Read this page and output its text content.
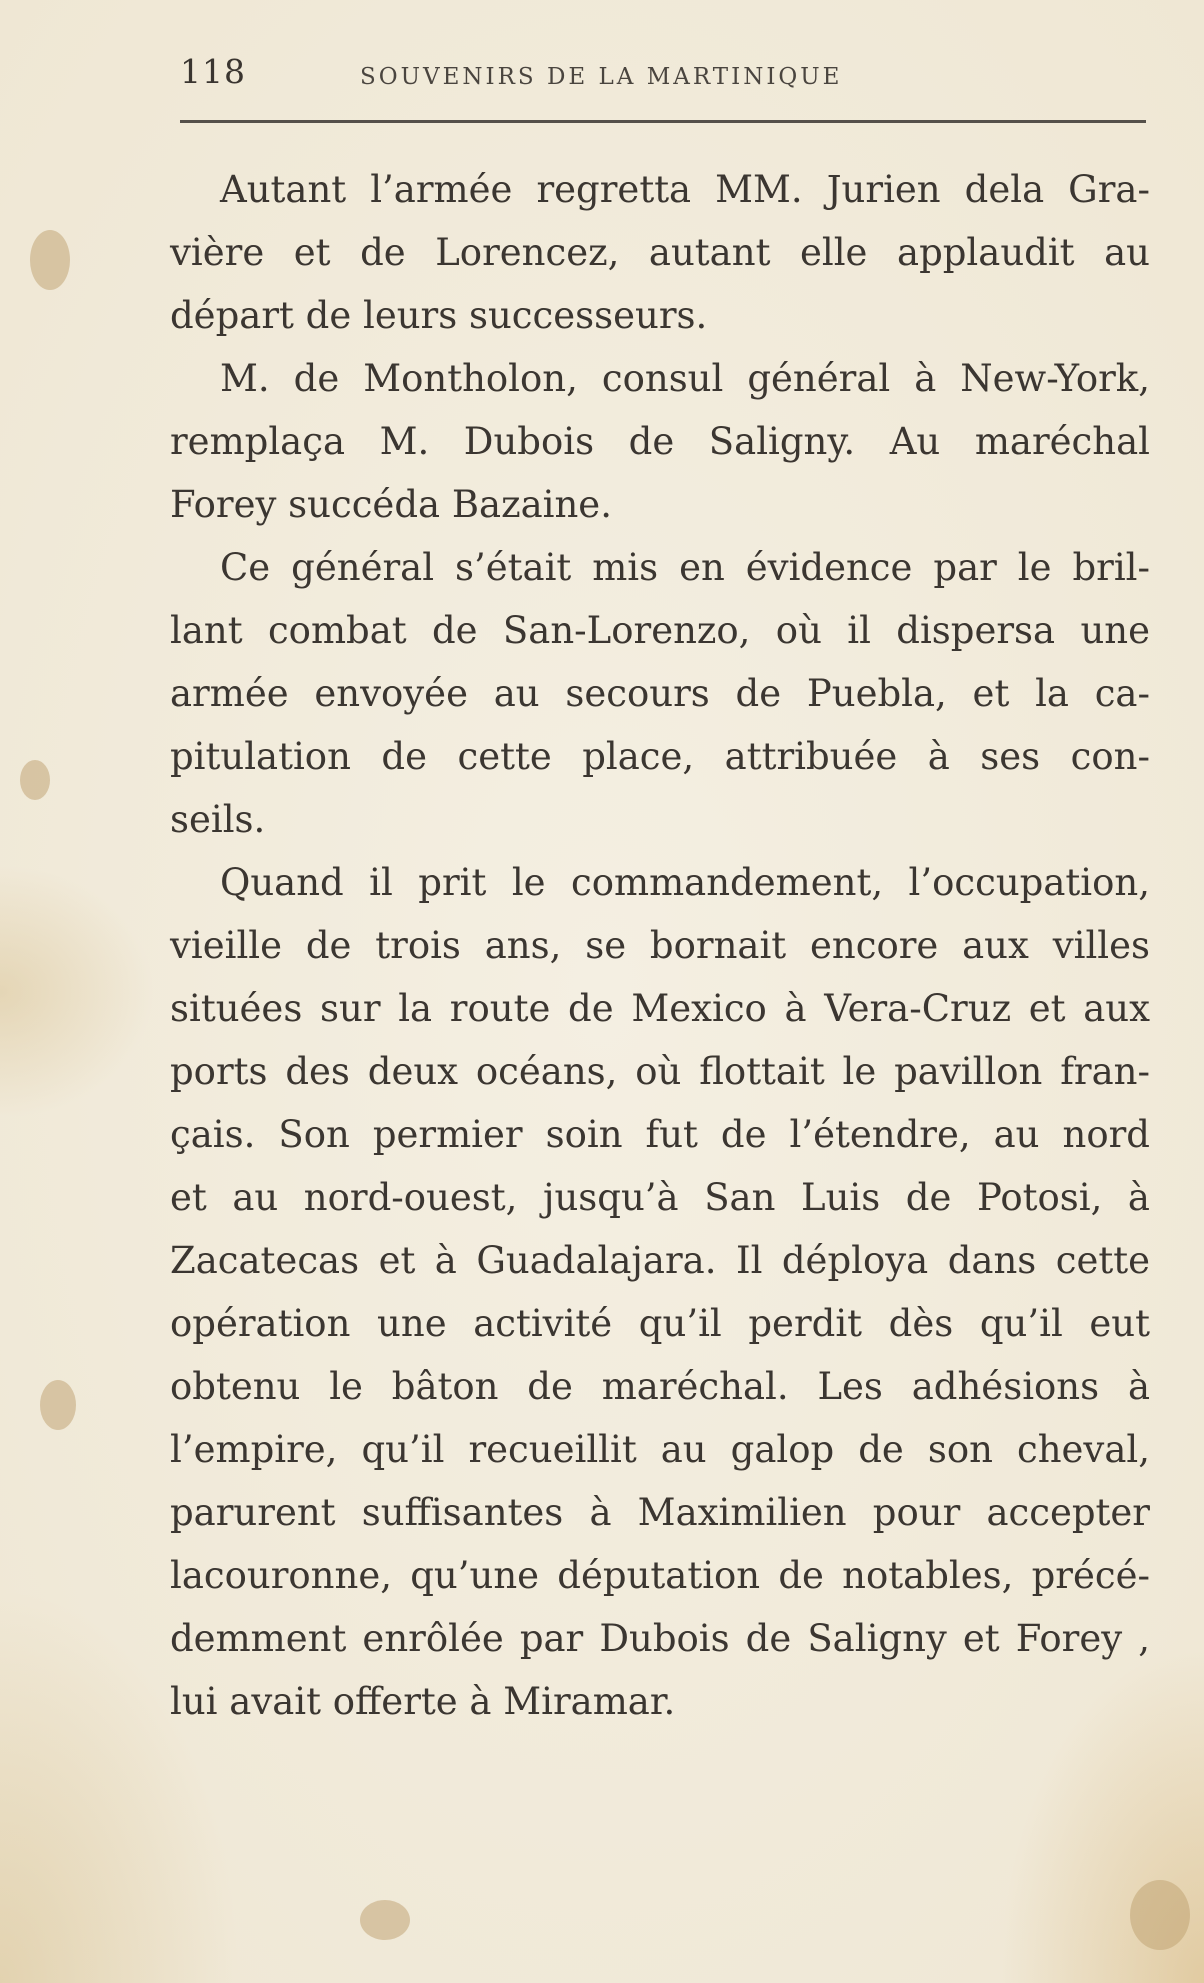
118	SOUVENIRS DE LA MARTINIQUE
Autant l’armée regretta MM. Jurien dela Gra-
vière et de Lorencez, autant elle applaudit au
départ de leurs successeurs.
M. de Montholon, consul général à New-York,
remplaça M. Dubois de Saligny. Au maréchal
Forey succéda Bazaine.
Ce général s’était mis en évidence par le bril-
lant combat de San-Lorenzo, où il dispersa une
armée envoyée au secours de Puebla, et la ca-
pitulation de cette place, attribuée à ses con-
seils.
Quand il prit le commandement, l’occupation,
vieille de trois ans, se bornait encore aux villes
situées sur la route de Mexico à Vera-Cruz et aux
ports des deux océans, où flottait le pavillon fran-
çais. Son permier soin fut de l’étendre, au nord
et au nord-ouest, jusqu’à San Luis de Potosi, à
Zacatecas et à Guadalajara. Il déploya dans cette
opération une activité qu’il perdit dès qu’il eut
obtenu le bâton de maréchal. Les adhésions à
l’empire, qu’il recueillit au galop de son cheval,
parurent suffisantes à Maximilien pour accepter
lacouronne, qu’une députation de notables, précé-
demment enrôlée par Dubois de Saligny et Forey ,
lui avait offerte à Miramar.
